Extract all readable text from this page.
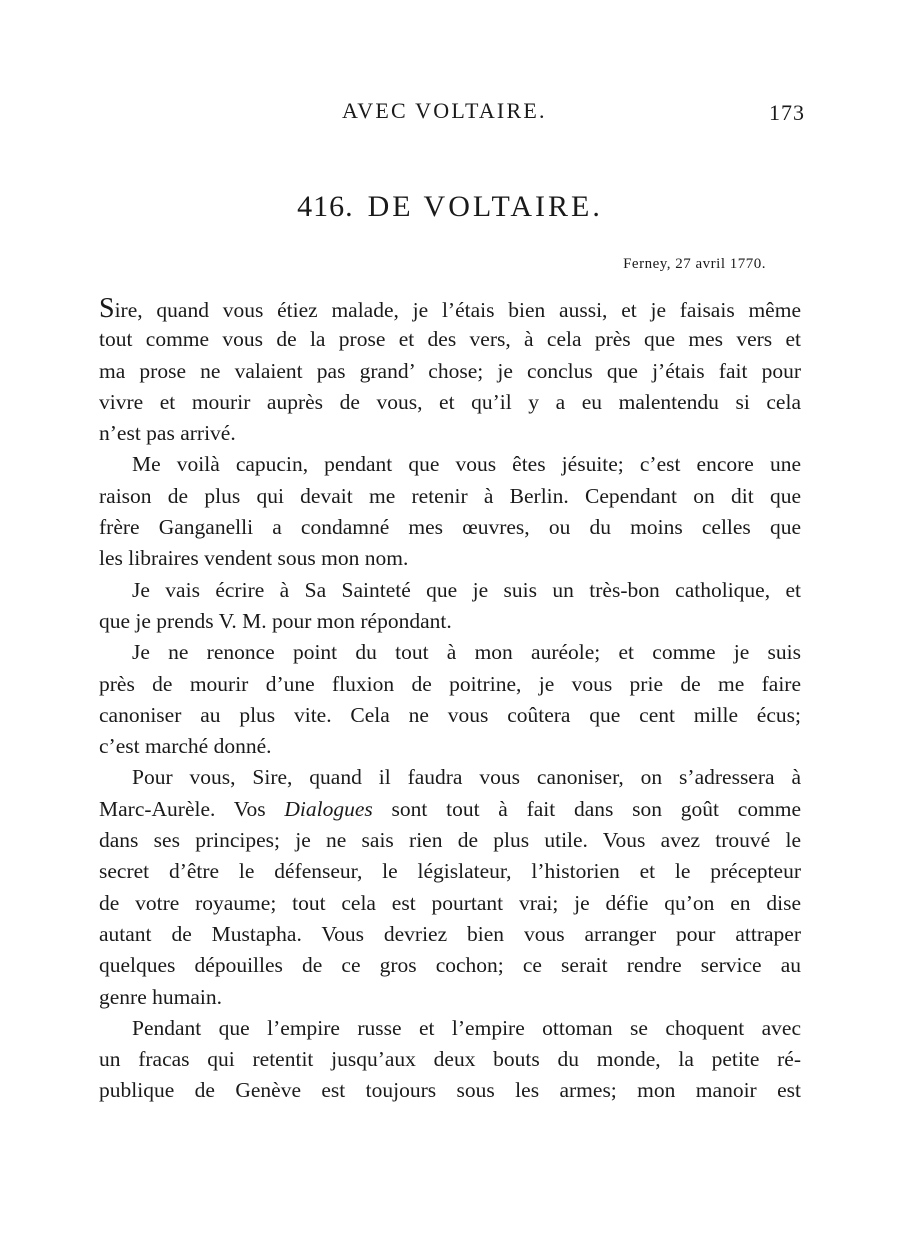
AVEC VOLTAIRE.	173
416. DE VOLTAIRE.
Ferney, 27 avril 1770.
Sire, quand vous étiez malade, je l’étais bien aussi, et je faisais même
tout comme vous de la prose et des vers, à cela près que mes vers et
ma prose ne valaient pas grand’ chose; je conclus que j’étais fait pour
vivre et mourir auprès de vous, et qu’il y a eu malentendu si cela
n’est pas arrivé.
Me voilà capucin, pendant que vous êtes jésuite; c’est encore une
raison de plus qui devait me retenir à Berlin. Cependant on dit que
frère Ganganelli a condamné mes œuvres, ou du moins celles que
les libraires vendent sous mon nom.
Je vais écrire à Sa Sainteté que je suis un très-bon catholique, et
que je prends V. M. pour mon répondant.
Je ne renonce point du tout à mon auréole; et comme je suis
près de mourir d’une fluxion de poitrine, je vous prie de me faire
canoniser au plus vite. Cela ne vous coûtera que cent mille écus;
c’est marché donné.
Pour vous, Sire, quand il faudra vous canoniser, on s’adressera à
Marc-Aurèle. Vos Dialogues sont tout à fait dans son goût comme
dans ses principes; je ne sais rien de plus utile. Vous avez trouvé le
secret d’être le défenseur, le législateur, l’historien et le précepteur
de votre royaume; tout cela est pourtant vrai; je défie qu’on en dise
autant de Mustapha. Vous devriez bien vous arranger pour attraper
quelques dépouilles de ce gros cochon; ce serait rendre service au
genre humain.
Pendant que l’empire russe et l’empire ottoman se choquent avec
un fracas qui retentit jusqu’aux deux bouts du monde, la petite ré-
publique de Genève est toujours sous les armes; mon manoir est
